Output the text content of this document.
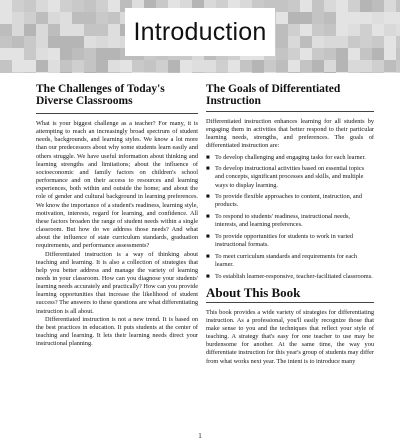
Introduction
The Challenges of Today's Diverse Classrooms

What is your biggest challenge as a teacher? For many, it is attempting to reach an increasingly broad spectrum of student needs, backgrounds, and learning styles. We know a lot more than our predecessors about why some students learn easily and others struggle. We have useful information about thinking and learning strengths and limitations; about the influence of socioeconomic and family factors on children's school performance and on their access to resources and learning experiences, both within and outside the home; and about the role of gender and cultural background in learning preferences. We know the importance of a student's readiness, learning style, motivation, interests, regard for learning, and confidence. All these factors broaden the range of student needs within a single classroom. But how do we address those needs? And what about the influence of state curriculum standards, graduation requirements, and performance assessments?

Differentiated instruction is a way of thinking about teaching and learning. It is also a collection of strategies that help you better address and manage the variety of learning needs in your classroom. How can you diagnose your students' learning needs accurately and practically? How can you provide learning opportunities that increase the likelihood of student success? The answers to these questions are what differentiating instruction is all about.

Differentiated instruction is not a new trend. It is based on the best practices in education. It puts students at the center of teaching and learning. It lets their learning needs direct your instructional planning.

The Goals of Differentiated Instruction

Differentiated instruction enhances learning for all students by engaging them in activities that better respond to their particular learning needs, strengths, and preferences. The goals of differentiated instruction are:

■ To develop challenging and engaging tasks for each learner.
■ To develop instructional activities based on essential topics and concepts, significant processes and skills, and multiple ways to display learning.
■ To provide flexible approaches to content, instruction, and products.
■ To respond to students' readiness, instructional needs, interests, and learning preferences.
■ To provide opportunities for students to work in varied instructional formats.
■ To meet curriculum standards and requirements for each learner.
■ To establish learner-responsive, teacher-facilitated classrooms.
About This Book

This book provides a wide variety of strategies for differentiating instruction. As a professional, you'll easily recognize those that make sense to you and the techniques that reflect your style of teaching. A strategy that's easy for one teacher to use may be burdensome for another. At the same time, the way you differentiate instruction for this year's group of students may differ from what works next year. The intent is to introduce many

1
